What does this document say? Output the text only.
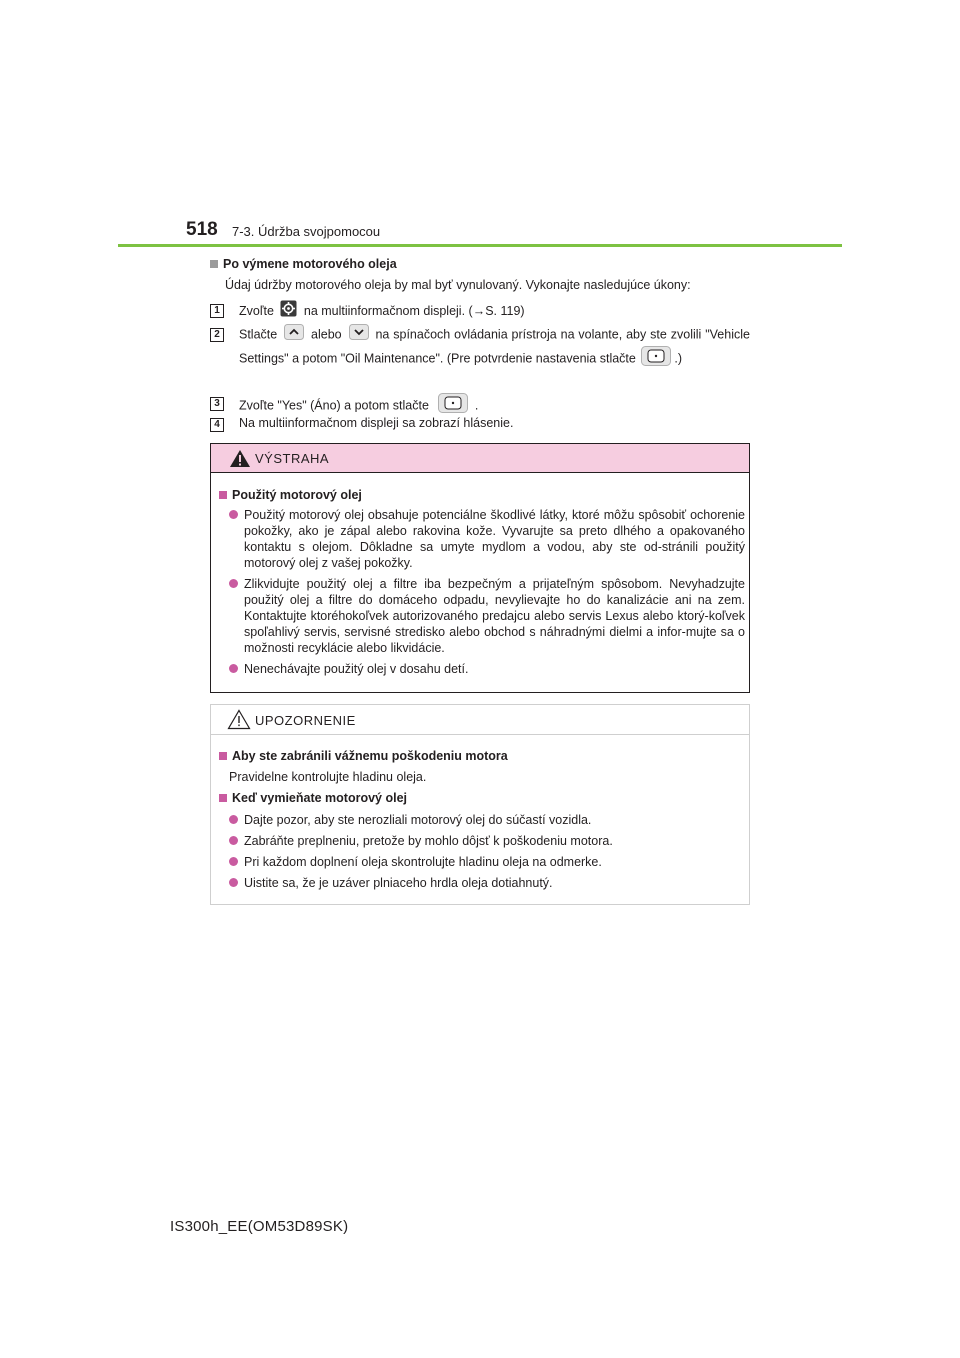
518 7-3. Údržba svojpomocou
Po výmene motorového oleja
Údaj údržby motorového oleja by mal byť vynulovaný. Vykonajte nasledujúce úkony:
1	Zvoľte na multiinformačnom displeji. (→S. 119)
2	Stlačte	alebo	na spínačoch ovládania prístroja na volante, aby ste zvolili "Vehicle Settings" a potom "Oil Maintenance". (Pre potvrdenie nastavenia stlačte	.)
3	Zvoľte "Yes" (Áno) a potom stlačte	.
4	Na multiinformačnom displeji sa zobrazí hlásenie.
VÝSTRAHA
Použitý motorový olej
Použitý motorový olej obsahuje potenciálne škodlivé látky, ktoré môžu spôsobiť ochorenie pokožky, ako je zápal alebo rakovina kože. Vyvarujte sa preto dlhého a opakovaného kontaktu s olejom. Dôkladne sa umyte mydlom a vodou, aby ste od-stránili použitý motorový olej z vašej pokožky.
Zlikvidujte použitý olej a filtre iba bezpečným a prijateľným spôsobom. Nevyhadzujte použitý olej a filtre do domáceho odpadu, nevylievajte ho do kanalizácie ani na zem. Kontaktujte ktoréhokoľvek autorizovaného predajcu alebo servis Lexus alebo ktorý-koľvek spoľahlivý servis, servisné stredisko alebo obchod s náhradnými dielmi a infor-mujte sa o možnosti recyklácie alebo likvidácie.
Nenechávajte použitý olej v dosahu detí.
UPOZORNENIE
Aby ste zabránili vážnemu poškodeniu motora
Pravidelne kontrolujte hladinu oleja.
Keď vymieňate motorový olej
Dajte pozor, aby ste nerozliali motorový olej do súčastí vozidla.
Zabráňte preplneniu, pretože by mohlo dôjsť k poškodeniu motora.
Pri každom doplnení oleja skontrolujte hladinu oleja na odmerke.
Uistite sa, že je uzáver plniaceho hrdla oleja dotiahnutý.
IS300h_EE(OM53D89SK)
